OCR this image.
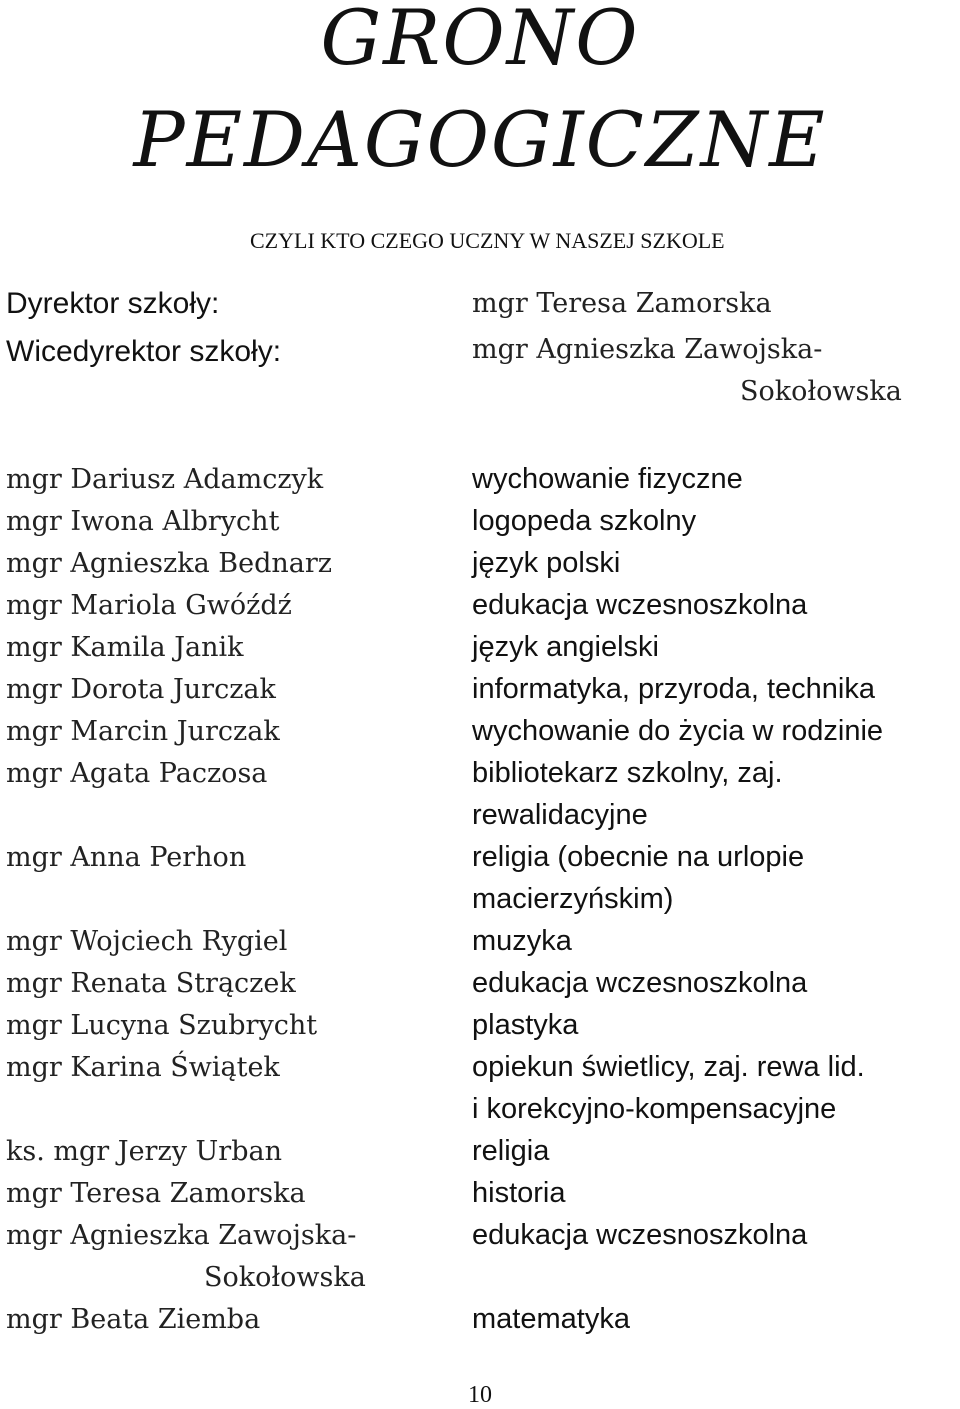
GRONO
PEDAGOGICZNE
CZYLI KTO CZEGO UCZNY W NASZEJ SZKOLE
Dyrektor szkoły:	mgr Teresa Zamorska
Wicedyrektor szkoły:	mgr Agnieszka Zawojska-
Sokołowska
mgr Dariusz Adamczyk
mgr Iwona Albrycht
mgr Agnieszka Bednarz
mgr Mariola Gwóźdź
mgr Kamila Janik
mgr Dorota Jurczak
mgr Marcin Jurczak
mgr Agata Paczosa
mgr Anna Perhon
mgr Wojciech Rygiel
mgr Renata Strączek
mgr Lucyna Szubrycht
mgr Karina Świątek
ks. mgr Jerzy Urban
mgr Teresa Zamorska
mgr Agnieszka Zawojska-
Sokołowska
mgr Beata Ziemba
wychowanie fizyczne
logopeda szkolny
język polski
edukacja wczesnoszkolna
język angielski
informatyka, przyroda, technika
wychowanie do życia w rodzinie
bibliotekarz szkolny, zaj.
rewalidacyjne
religia (obecnie na urlopie
macierzyńskim)
muzyka
edukacja wczesnoszkolna
plastyka
opiekun świetlicy, zaj. rewa lid.
i korekcyjno-kompensacyjne
religia
historia
edukacja wczesnoszkolna
matematyka
10
